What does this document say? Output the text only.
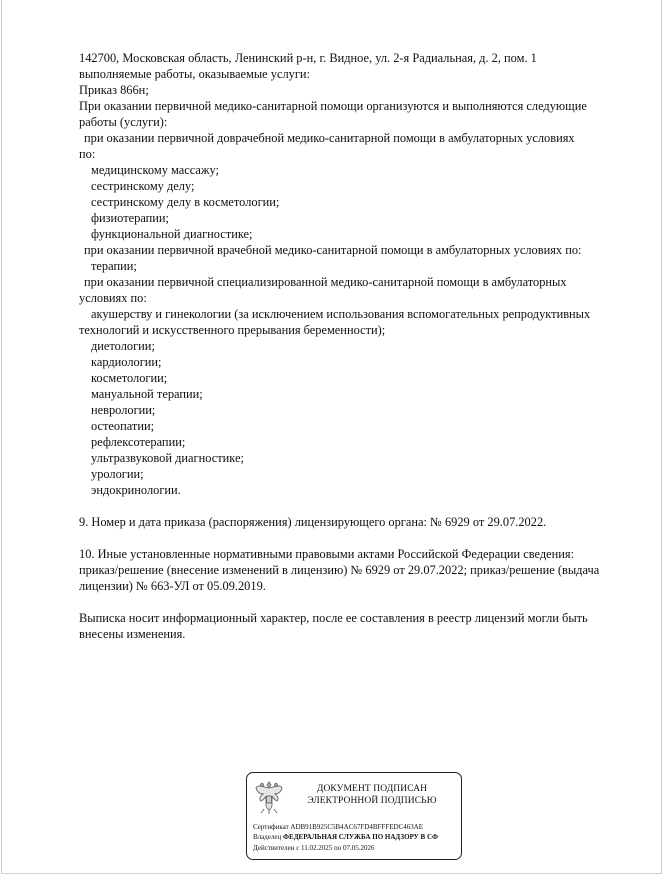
142700, Московская область, Ленинский р-н, г. Видное, ул. 2-я Радиальная, д. 2, пом. 1
выполняемые работы, оказываемые услуги:
Приказ 866н;
При оказании первичной медико-санитарной помощи организуются и выполняются следующие
работы (услуги):
при оказании первичной доврачебной медико-санитарной помощи в амбулаторных условиях
по:
медицинскому массажу;
сестринскому делу;
сестринскому делу в косметологии;
физиотерапии;
функциональной диагностике;
при оказании первичной врачебной медико-санитарной помощи в амбулаторных условиях по:
терапии;
при оказании первичной специализированной медико-санитарной помощи в амбулаторных
условиях по:
акушерству и гинекологии (за исключением использования вспомогательных репродуктивных
технологий и искусственного прерывания беременности);
диетологии;
кардиологии;
косметологии;
мануальной терапии;
неврологии;
остеопатии;
рефлексотерапии;
ультразвуковой диагностике;
урологии;
эндокринологии.
9. Номер и дата приказа (распоряжения) лицензирующего органа: № 6929 от 29.07.2022.
10. Иные установленные нормативными правовыми актами Российской Федерации сведения:
приказ/решение (внесение изменений в лицензию) № 6929 от 29.07.2022; приказ/решение (выдача
лицензии) № 663-УЛ от 05.09.2019.
Выписка носит информационный характер, после ее составления в реестр лицензий могли быть
внесены изменения.
ДОКУМЕНТ ПОДПИСАН
ЭЛЕКТРОННОЙ ПОДПИСЬЮ
Сертификат ADB91B925C5B4AC67FD4BFFFEDC463AE
Владелец ФЕДЕРАЛЬНАЯ СЛУЖБА ПО НАДЗОРУ В СФ
Действителен с 11.02.2025 по 07.05.2026
